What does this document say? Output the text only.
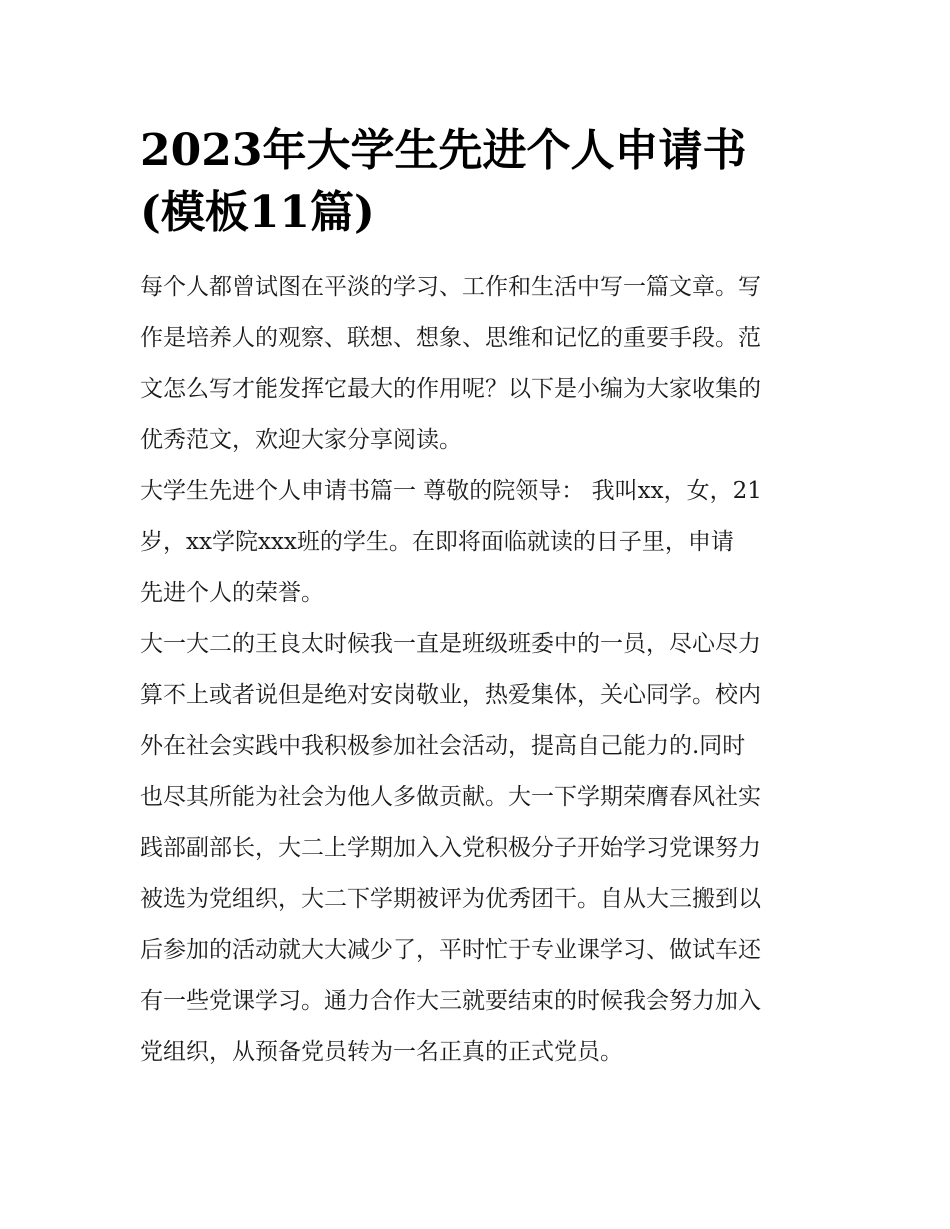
2023年大学生先进个人申请书
(模板11篇)

每个人都曾试图在平淡的学习、工作和生活中写一篇文章。写
作是培养人的观察、联想、想象、思维和记忆的重要手段。范
文怎么写才能发挥它最大的作用呢？以下是小编为大家收集的
优秀范文，欢迎大家分享阅读。

大学生先进个人申请书篇一 尊敬的院领导： 我叫xx，女，21
岁，xx学院xxx班的学生。在即将面临就读的日子里，申请
先进个人的荣誉。

大一大二的王良太时候我一直是班级班委中的一员，尽心尽力
算不上或者说但是绝对安岗敬业，热爱集体，关心同学。校内
外在社会实践中我积极参加社会活动，提高自己能力的.同时
也尽其所能为社会为他人多做贡献。大一下学期荣膺春风社实
践部副部长，大二上学期加入入党积极分子开始学习党课努力
被选为党组织，大二下学期被评为优秀团干。自从大三搬到以
后参加的活动就大大减少了，平时忙于专业课学习、做试车还
有一些党课学习。通力合作大三就要结束的时候我会努力加入
党组织，从预备党员转为一名正真的正式党员。
